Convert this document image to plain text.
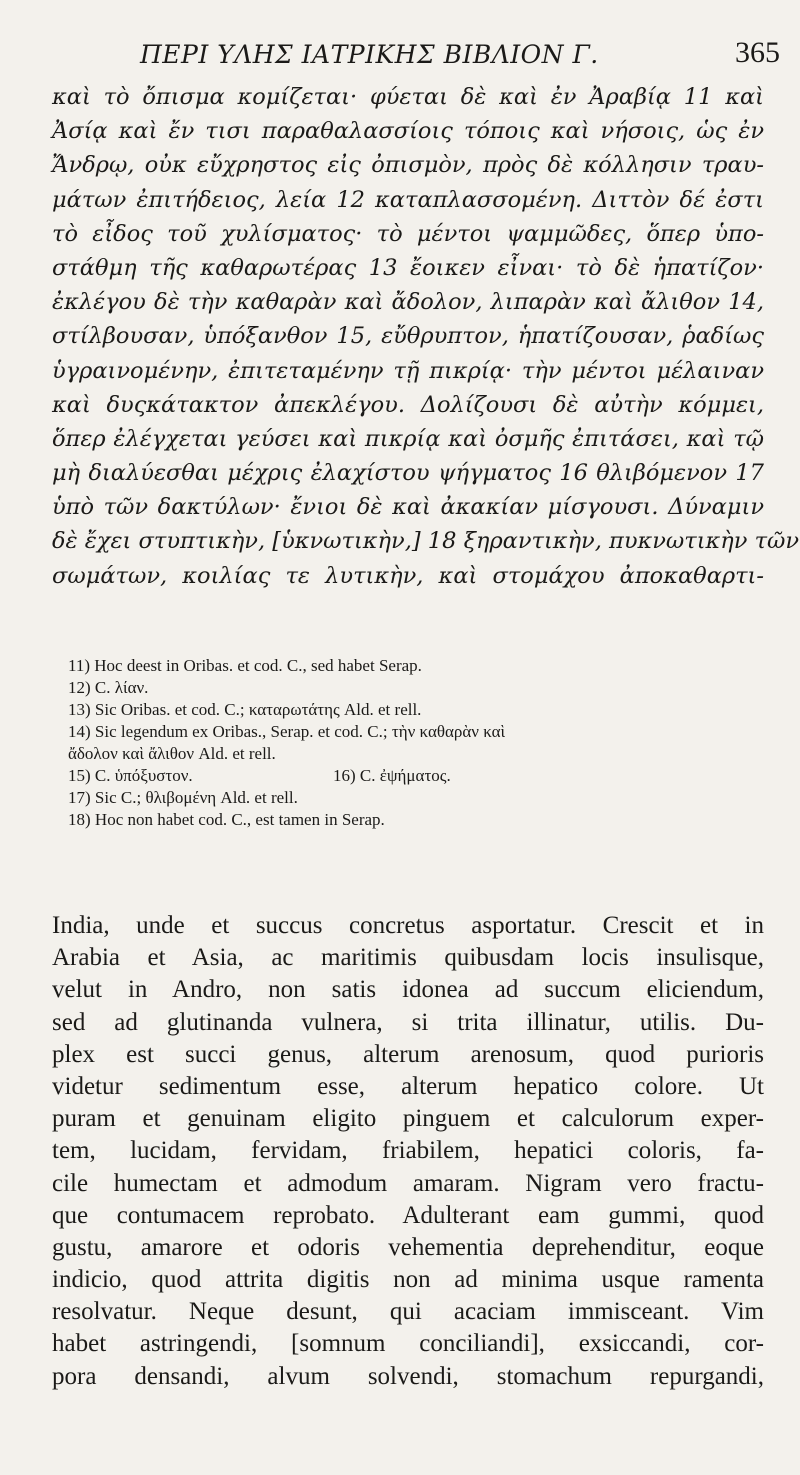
ΠΕΡΙ ΥΛΗΣ ΙΑΤΡΙΚΗΣ ΒΙΒΛΙΟΝ Γ.	365
καὶ τὸ ὄπισμα κομίζεται· φύεται δὲ καὶ ἐν Ἀραβίᾳ 11 καὶ
Ἀσίᾳ καὶ ἔν τισι παραθαλασσίοις τόποις καὶ νήσοις, ὡς ἐν
Ἄνδρῳ, οὐκ εὔχρηστος εἰς ὀπισμὸν, πρὸς δὲ κόλλησιν τραυ-
μάτων ἐπιτήδειος, λεία 12 καταπλασσομένη. Διττὸν δέ ἐστι
τὸ εἶδος τοῦ χυλίσματος· τὸ μέντοι ψαμμῶδες, ὅπερ ὑπο-
στάθμη τῆς καθαρωτέρας 13 ἔοικεν εἶναι· τὸ δὲ ἡπατίζον·
ἐκλέγου δὲ τὴν καθαρὰν καὶ ἄδολον, λιπαρὰν καὶ ἄλιθον 14,
στίλβουσαν, ὑπόξανθον 15, εὔθρυπτον, ἡπατίζουσαν, ῥαδίως
ὑγραινομένην, ἐπιτεταμένην τῇ πικρίᾳ· τὴν μέντοι μέλαιναν
καὶ δυςκάτακτον ἀπεκλέγου. Δολίζουσι δὲ αὐτὴν κόμμει,
ὅπερ ἐλέγχεται γεύσει καὶ πικρίᾳ καὶ ὀσμῆς ἐπιτάσει, καὶ τῷ
μὴ διαλύεσθαι μέχρις ἐλαχίστου ψήγματος 16 θλιβόμενον 17
ὑπὸ τῶν δακτύλων· ἔνιοι δὲ καὶ ἀκακίαν μίσγουσι. Δύναμιν
δὲ ἔχει στυπτικὴν, [ὑκνωτικὴν,] 18 ξηραντικὴν, πυκνωτικὴν τῶν
σωμάτων, κοιλίας τε λυτικὴν, καὶ στομάχου ἀποκαθαρτι-
11) Hoc deest in Oribas. et cod. C., sed habet Serap.
12) C. λίαν.
13) Sic Oribas. et cod. C.; καταρωτάτης Ald. et rell.
14) Sic legendum ex Oribas., Serap. et cod. C.; τὴν καθαρὰν καὶ
ἄδολον καὶ ἄλιθον Ald. et rell.
15) C. ὑπόξυστον.	16) C. ἐψήματος.
17) Sic C.; θλιβομένη Ald. et rell.
18) Hoc non habet cod. C., est tamen in Serap.
India, unde et succus concretus asportatur. Crescit et in
Arabia et Asia, ac maritimis quibusdam locis insulisque,
velut in Andro, non satis idonea ad succum eliciendum,
sed ad glutinanda vulnera, si trita illinatur, utilis. Du-
plex est succi genus, alterum arenosum, quod purioris
videtur sedimentum esse, alterum hepatico colore. Ut
puram et genuinam eligito pinguem et calculorum exper-
tem, lucidam, fervidam, friabilem, hepatici coloris, fa-
cile humectam et admodum amaram. Nigram vero fractu-
que contumacem reprobato. Adulterant eam gummi, quod
gustu, amarore et odoris vehementia deprehenditur, eoque
indicio, quod attrita digitis non ad minima usque ramenta
resolvatur. Neque desunt, qui acaciam immisceant. Vim
habet astringendi, [somnum conciliandi], exsiccandi, cor-
pora densandi, alvum solvendi, stomachum repurgandi,
